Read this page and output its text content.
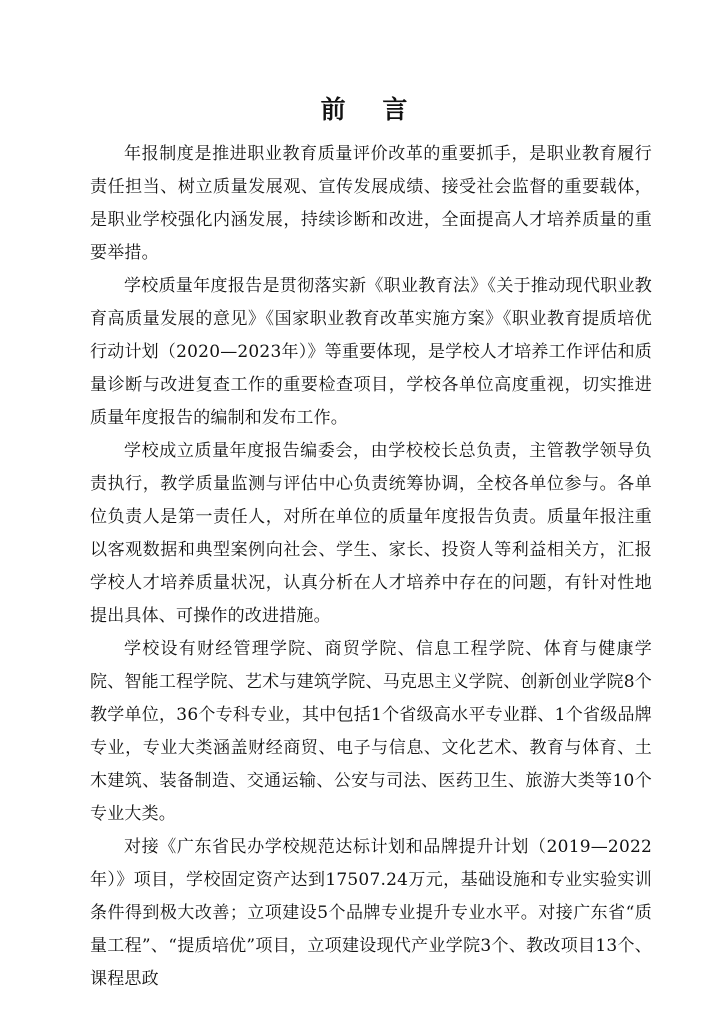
前 言

年报制度是推进职业教育质量评价改革的重要抓手，是职业教育履行责任担当、树立质量发展观、宣传发展成绩、接受社会监督的重要载体，是职业学校强化内涵发展，持续诊断和改进，全面提高人才培养质量的重要举措。

学校质量年度报告是贯彻落实新《职业教育法》《关于推动现代职业教育高质量发展的意见》《国家职业教育改革实施方案》《职业教育提质培优行动计划（2020—2023年）》等重要体现，是学校人才培养工作评估和质量诊断与改进复查工作的重要检查项目，学校各单位高度重视，切实推进质量年度报告的编制和发布工作。

学校成立质量年度报告编委会，由学校校长总负责，主管教学领导负责执行，教学质量监测与评估中心负责统筹协调，全校各单位参与。各单位负责人是第一责任人，对所在单位的质量年度报告负责。质量年报注重以客观数据和典型案例向社会、学生、家长、投资人等利益相关方，汇报学校人才培养质量状况，认真分析在人才培养中存在的问题，有针对性地提出具体、可操作的改进措施。

学校设有财经管理学院、商贸学院、信息工程学院、体育与健康学院、智能工程学院、艺术与建筑学院、马克思主义学院、创新创业学院8个教学单位，36个专科专业，其中包括1个省级高水平专业群、1个省级品牌专业，专业大类涵盖财经商贸、电子与信息、文化艺术、教育与体育、土木建筑、装备制造、交通运输、公安与司法、医药卫生、旅游大类等10个专业大类。

对接《广东省民办学校规范达标计划和品牌提升计划（2019—2022年）》项目，学校固定资产达到17507.24万元，基础设施和专业实验实训条件得到极大改善；立项建设5个品牌专业提升专业水平。对接广东省“质量工程”、“提质培优”项目，立项建设现代产业学院3个、教改项目13个、课程思政
